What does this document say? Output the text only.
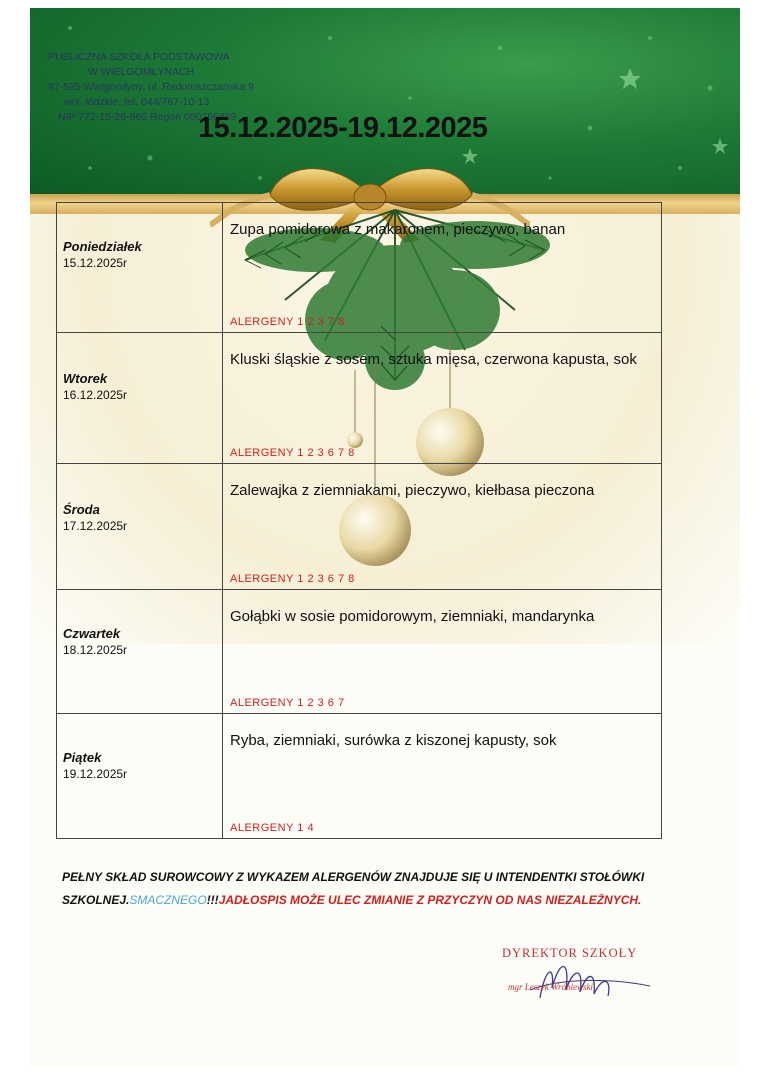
PUBLICZNA SZKOŁA PODSTAWOWA
W WIELGOMŁYNACH
97-525 Wielgomłyny, ul. Radomszczańska 9
woj. łódzkie, tel. 044/787-10-13
NIP 772-15-26-865 Regon 000756459
15.12.2025-19.12.2025
Poniedziałek
15.12.2025r	Zupa pomidorowa z makaronem, pieczywo, banan
ALERGENY 1 2 3 7 8

Wtorek
16.12.2025r	Kluski śląskie z sosem, sztuka mięsa, czerwona kapusta, sok
ALERGENY 1 2 3 6 7 8

Środa
17.12.2025r	Zalewajka z ziemniakami, pieczywo, kiełbasa pieczona
ALERGENY 1 2 3 6 7 8

Czwartek
18.12.2025r	Gołąbki w sosie pomidorowym, ziemniaki, mandarynka
ALERGENY 1 2 3 6 7

Piątek
19.12.2025r	Ryba, ziemniaki, surówka z kiszonej kapusty, sok
ALERGENY 1 4
PEŁNY SKŁAD SUROWCOWY Z WYKAZEM ALERGENÓW ZNAJDUJE SIĘ U INTENDENTKI STOŁÓWKI SZKOLNEJ.SMACZNEGO!!!JADŁOSPIS MOŻE ULEC ZMIANIE Z PRZYCZYN OD NAS NIEZALEŻNYCH.
DYREKTOR SZKOŁY
mgr Leszek Wróblewski
